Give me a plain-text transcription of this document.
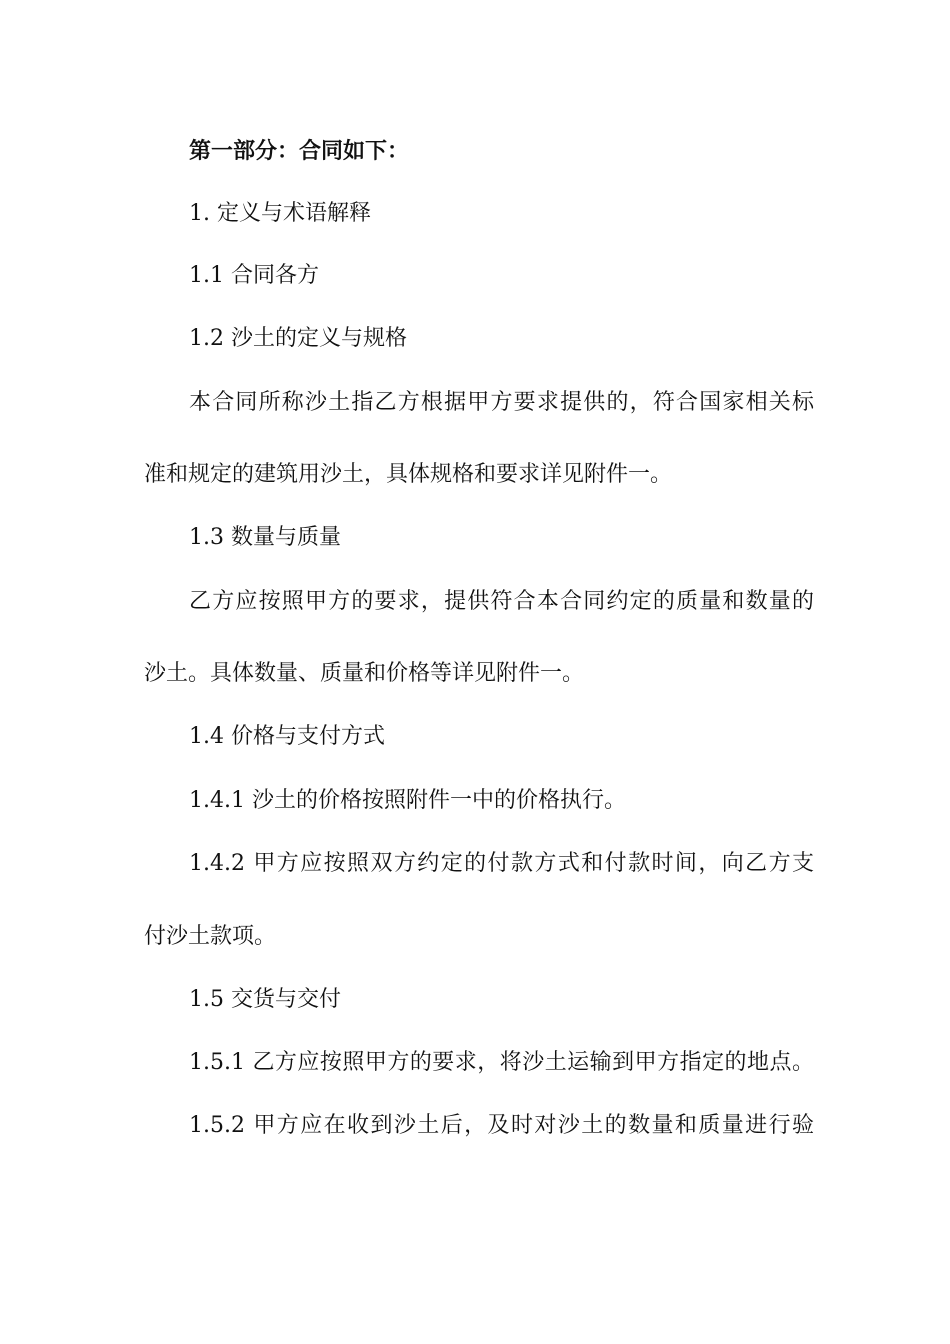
第一部分：合同如下：
1. 定义与术语解释
1.1 合同各方
1.2 沙土的定义与规格
本合同所称沙土指乙方根据甲方要求提供的，符合国家相关标
准和规定的建筑用沙土，具体规格和要求详见附件一。
1.3 数量与质量
乙方应按照甲方的要求，提供符合本合同约定的质量和数量的
沙土。具体数量、质量和价格等详见附件一。
1.4 价格与支付方式
1.4.1 沙土的价格按照附件一中的价格执行。
1.4.2 甲方应按照双方约定的付款方式和付款时间，向乙方支
付沙土款项。
1.5 交货与交付
1.5.1 乙方应按照甲方的要求，将沙土运输到甲方指定的地点。
1.5.2 甲方应在收到沙土后，及时对沙土的数量和质量进行验
